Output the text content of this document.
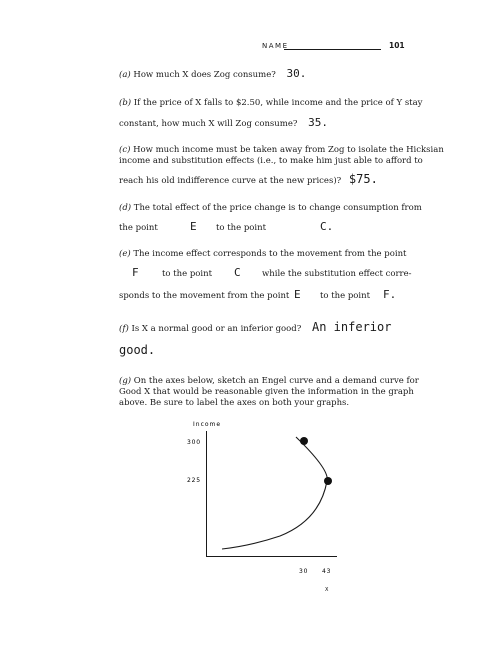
NAME	101
(a) How much X does Zog consume? 30.
(b) If the price of X falls to $2.50, while income and the price of Y stay
constant, how much X will Zog consume? 35.
(c) How much income must be taken away from Zog to isolate the Hicksian
income and substitution effects (i.e., to make him just able to afford to
reach his old indifference curve at the new prices)? $75.
(d) The total effect of the price change is to change consumption from
the point	E to the point	C.
(e) The income effect corresponds to the movement from the point
F	to the point C	while the substitution effect corre-
sponds to the movement from the point E to the point F.
(f) Is X a normal good or an inferior good? An inferior
good.
(g) On the axes below, sketch an Engel curve and a demand curve for
Good X that would be reasonable given the information in the graph
above. Be sure to label the axes on both your graphs.
Income
300
225
30 43
X
